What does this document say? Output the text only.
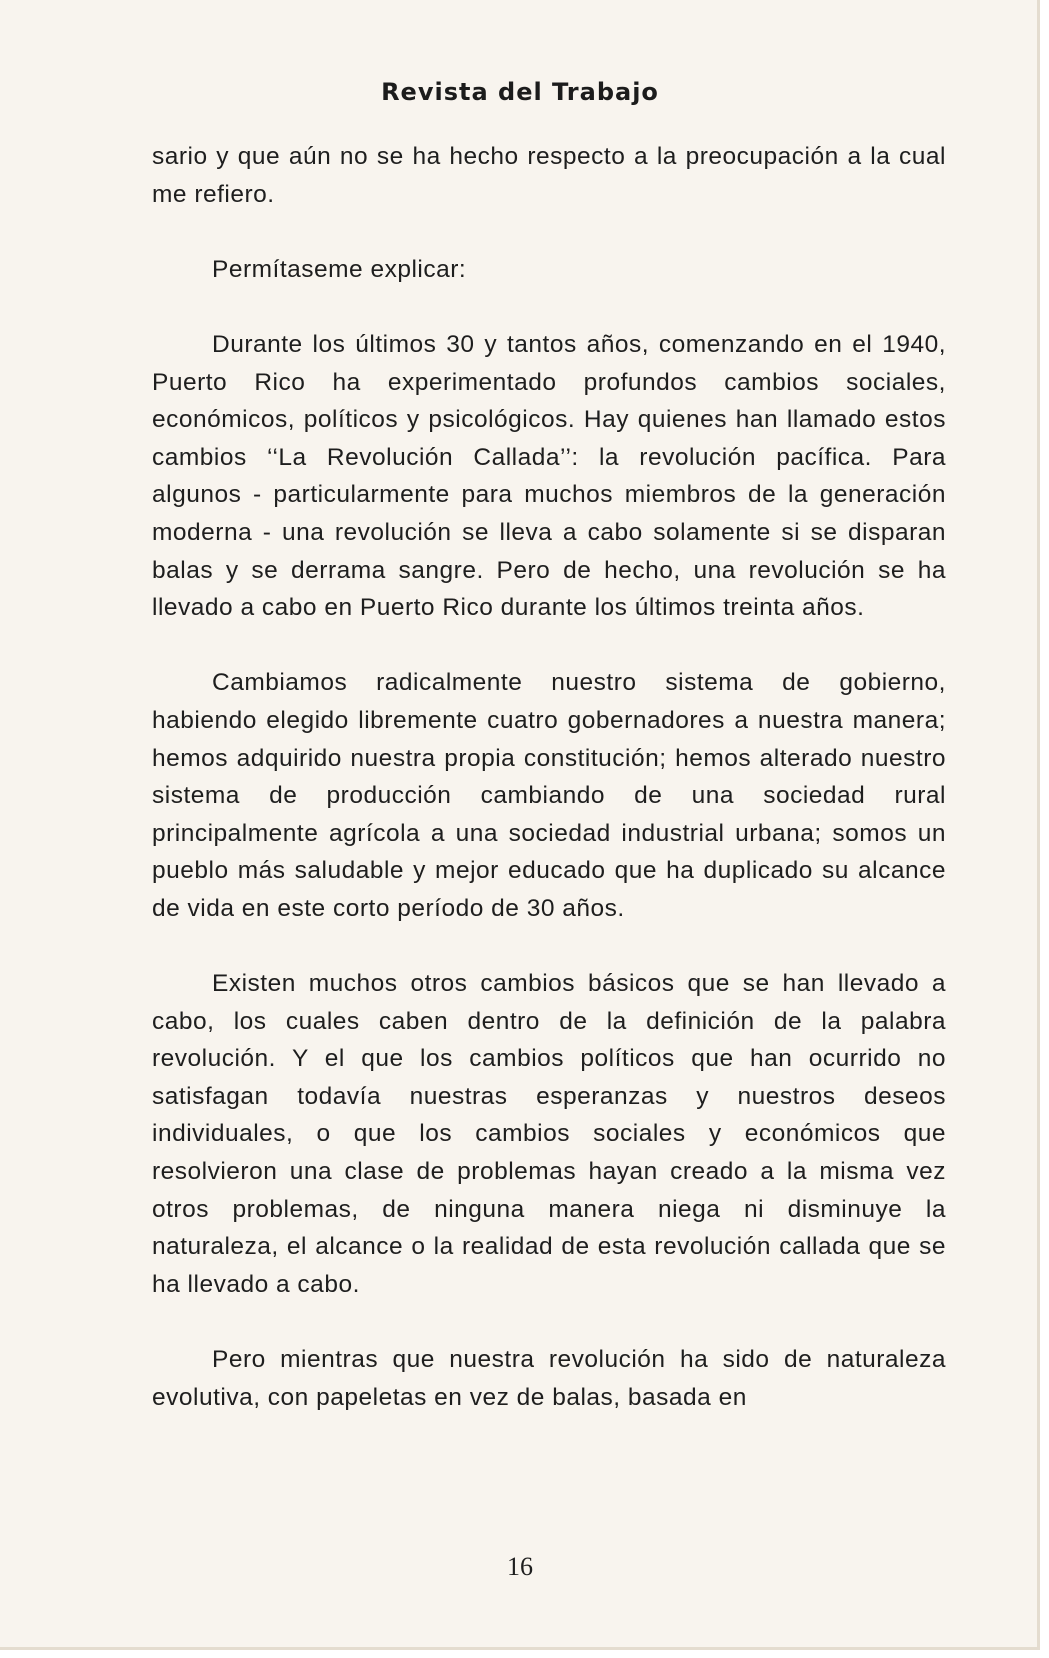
Revista del Trabajo

sario y que aún no se ha hecho respecto a la preocupación a la cual me refiero.

Permítaseme explicar:

Durante los últimos 30 y tantos años, comenzando en el 1940, Puerto Rico ha experimentado profundos cambios sociales, económicos, políticos y psicológicos. Hay quienes han llamado estos cambios ‘‘La Revolución Callada’’: la revolución pacífica. Para algunos - particularmente para muchos miembros de la generación moderna - una revolución se lleva a cabo solamente si se disparan balas y se derrama sangre. Pero de hecho, una revolución se ha llevado a cabo en Puerto Rico durante los últimos treinta años.

Cambiamos radicalmente nuestro sistema de gobierno, habiendo elegido libremente cuatro gobernadores a nuestra manera; hemos adquirido nuestra propia constitución; hemos alterado nuestro sistema de producción cambiando de una sociedad rural principalmente agrícola a una sociedad industrial urbana; somos un pueblo más saludable y mejor educado que ha duplicado su alcance de vida en este corto período de 30 años.

Existen muchos otros cambios básicos que se han llevado a cabo, los cuales caben dentro de la definición de la palabra revolución. Y el que los cambios políticos que han ocurrido no satisfagan todavía nuestras esperanzas y nuestros deseos individuales, o que los cambios sociales y económicos que resolvieron una clase de problemas hayan creado a la misma vez otros problemas, de ninguna manera niega ni disminuye la naturaleza, el alcance o la realidad de esta revolución callada que se ha llevado a cabo.

Pero mientras que nuestra revolución ha sido de naturaleza evolutiva, con papeletas en vez de balas, basada en

16
